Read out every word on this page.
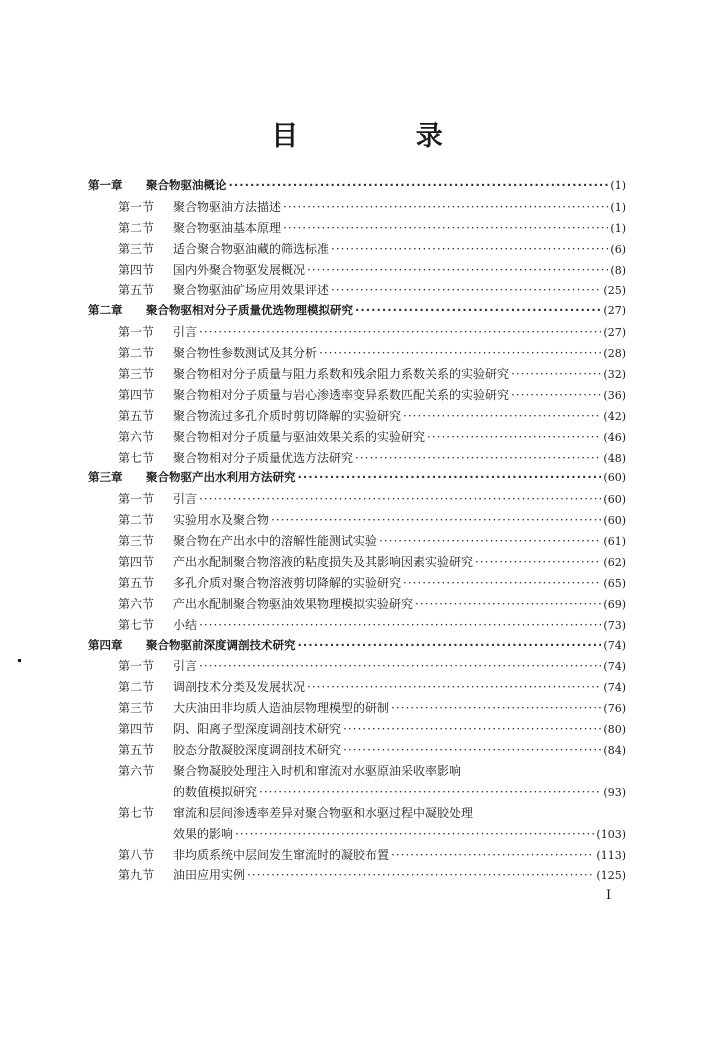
目 录
第一章	聚合物驱油概论 ·····	(1)
第一节	聚合物驱油方法描述 ·····	(1)
第二节	聚合物驱油基本原理 ·····	(1)
第三节	适合聚合物驱油藏的筛选标准 ·····	(6)
第四节	国内外聚合物驱发展概况 ·····	(8)
第五节	聚合物驱油矿场应用效果评述 ·····	(25)
第二章	聚合物驱相对分子质量优选物理模拟研究 ·····	(27)
第一节	引言 ·····	(27)
第二节	聚合物性参数测试及其分析 ·····	(28)
第三节	聚合物相对分子质量与阻力系数和残余阻力系数关系的实验研究 ·····	(32)
第四节	聚合物相对分子质量与岩心渗透率变异系数匹配关系的实验研究 ·····	(36)
第五节	聚合物流过多孔介质时剪切降解的实验研究 ·····	(42)
第六节	聚合物相对分子质量与驱油效果关系的实验研究 ·····	(46)
第七节	聚合物相对分子质量优选方法研究 ·····	(48)
第三章	聚合物驱产出水利用方法研究 ·····	(60)
第一节	引言 ·····	(60)
第二节	实验用水及聚合物 ·····	(60)
第三节	聚合物在产出水中的溶解性能测试实验 ·····	(61)
第四节	产出水配制聚合物溶液的粘度损失及其影响因素实验研究 ·····	(62)
第五节	多孔介质对聚合物溶液剪切降解的实验研究 ·····	(65)
第六节	产出水配制聚合物驱油效果物理模拟实验研究 ·····	(69)
第七节	小结 ·····	(73)
第四章	聚合物驱前深度调剖技术研究 ·····	(74)
第一节	引言 ·····	(74)
第二节	调剖技术分类及发展状况 ·····	(74)
第三节	大庆油田非均质人造油层物理模型的研制 ·····	(76)
第四节	阴、阳离子型深度调剖技术研究 ·····	(80)
第五节	胶态分散凝胶深度调剖技术研究 ·····	(84)
第六节	聚合物凝胶处理注入时机和窜流对水驱原油采收率影响
的数值模拟研究 ·····	(93)
第七节	窜流和层间渗透率差异对聚合物驱和水驱过程中凝胶处理
效果的影响 ·····	(103)
第八节	非均质系统中层间发生窜流时的凝胶布置 ·····	(113)
第九节	油田应用实例 ·····	(125)
I
